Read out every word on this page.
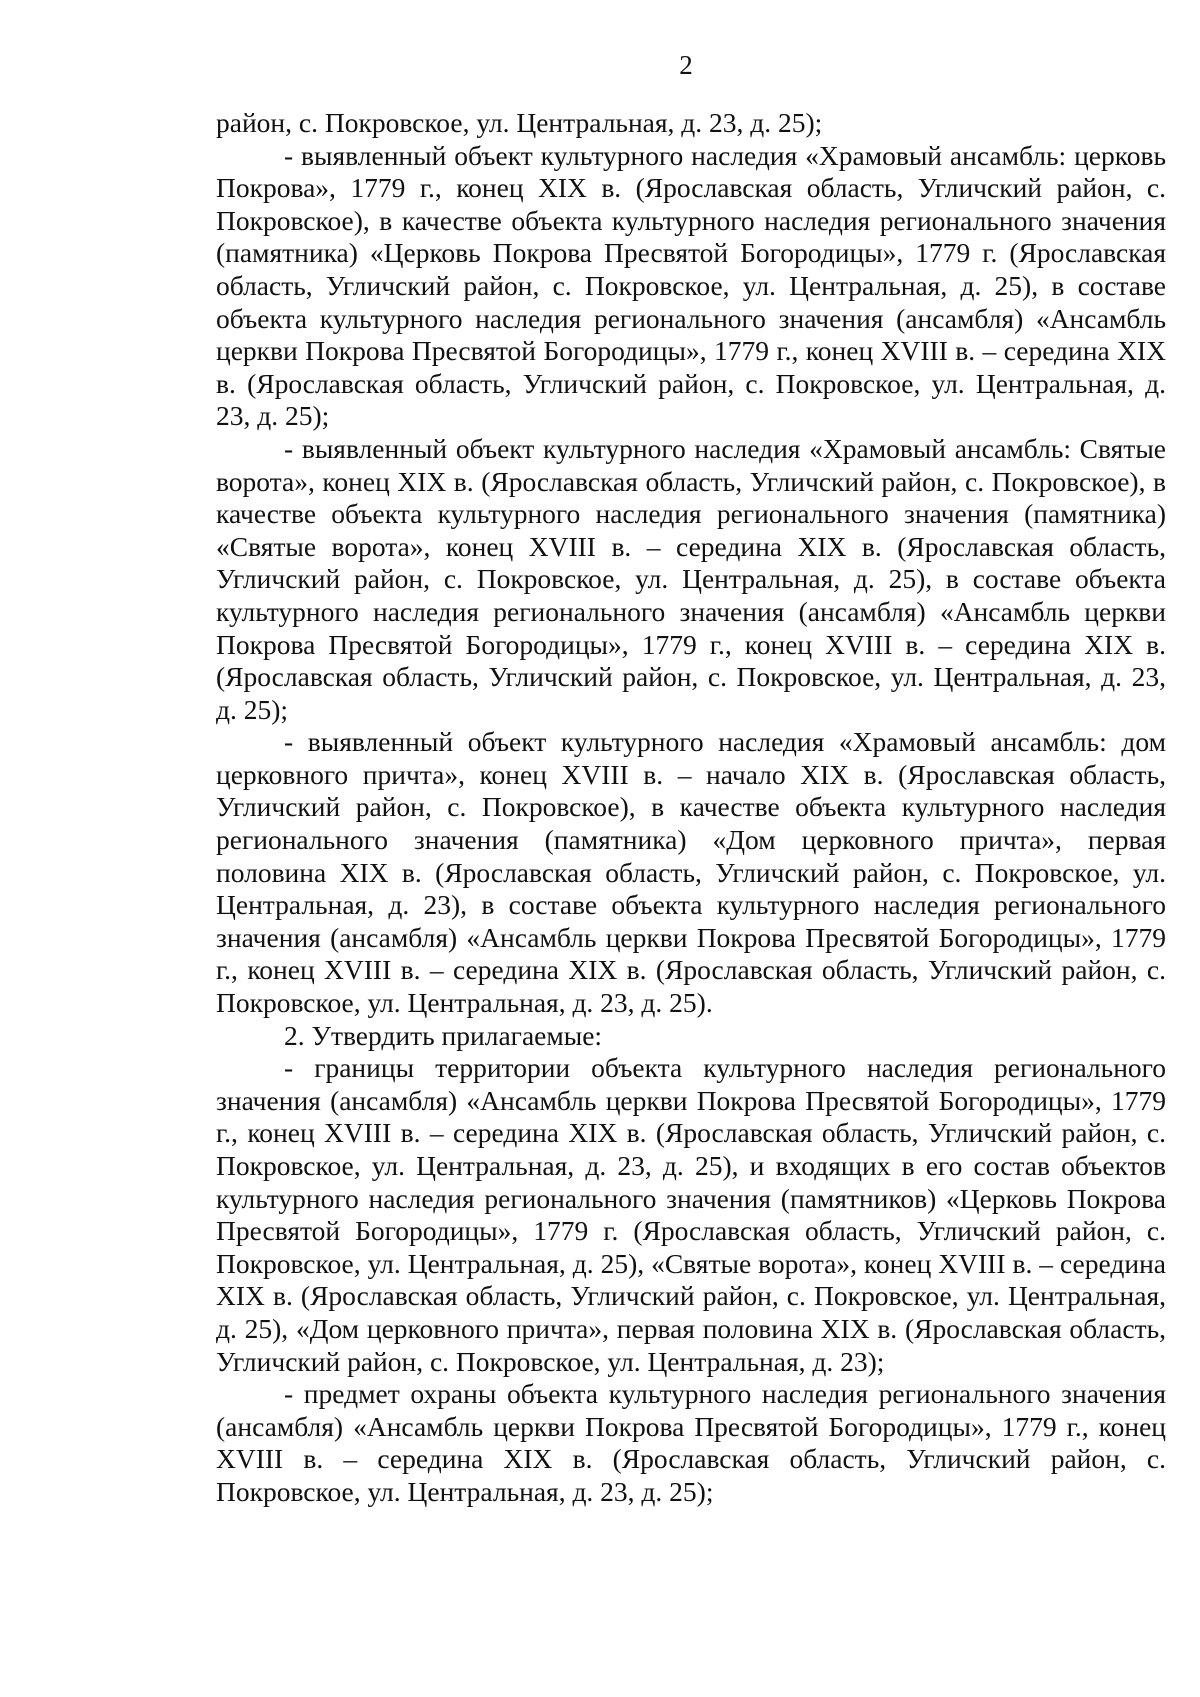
2

район, с. Покровское, ул. Центральная, д. 23, д. 25);

- выявленный объект культурного наследия «Храмовый ансамбль: церковь Покрова», 1779 г., конец XIX в. (Ярославская область, Угличский район, с. Покровское), в качестве объекта культурного наследия регионального значения (памятника) «Церковь Покрова Пресвятой Богородицы», 1779 г. (Ярославская область, Угличский район, с. Покровское, ул. Центральная, д. 25), в составе объекта культурного наследия регионального значения (ансамбля) «Ансамбль церкви Покрова Пресвятой Богородицы», 1779 г., конец XVIII в. – середина XIX в. (Ярославская область, Угличский район, с. Покровское, ул. Центральная, д. 23, д. 25);

- выявленный объект культурного наследия «Храмовый ансамбль: Святые ворота», конец XIX в. (Ярославская область, Угличский район, с. Покровское), в качестве объекта культурного наследия регионального значения (памятника) «Святые ворота», конец XVIII в. – середина XIX в. (Ярославская область, Угличский район, с. Покровское, ул. Центральная, д. 25), в составе объекта культурного наследия регионального значения (ансамбля) «Ансамбль церкви Покрова Пресвятой Богородицы», 1779 г., конец XVIII в. – середина XIX в. (Ярославская область, Угличский район, с. Покровское, ул. Центральная, д. 23, д. 25);

- выявленный объект культурного наследия «Храмовый ансамбль: дом церковного причта», конец XVIII в. – начало XIX в. (Ярославская область, Угличский район, с. Покровское), в качестве объекта культурного наследия регионального значения (памятника) «Дом церковного причта», первая половина XIX в. (Ярославская область, Угличский район, с. Покровское, ул. Центральная, д. 23), в составе объекта культурного наследия регионального значения (ансамбля) «Ансамбль церкви Покрова Пресвятой Богородицы», 1779 г., конец XVIII в. – середина XIX в. (Ярославская область, Угличский район, с. Покровское, ул. Центральная, д. 23, д. 25).

2. Утвердить прилагаемые:

- границы территории объекта культурного наследия регионального значения (ансамбля) «Ансамбль церкви Покрова Пресвятой Богородицы», 1779 г., конец XVIII в. – середина XIX в. (Ярославская область, Угличский район, с. Покровское, ул. Центральная, д. 23, д. 25), и входящих в его состав объектов культурного наследия регионального значения (памятников) «Церковь Покрова Пресвятой Богородицы», 1779 г. (Ярославская область, Угличский район, с. Покровское, ул. Центральная, д. 25), «Святые ворота», конец XVIII в. – середина XIX в. (Ярославская область, Угличский район, с. Покровское, ул. Центральная, д. 25), «Дом церковного причта», первая половина XIX в. (Ярославская область, Угличский район, с. Покровское, ул. Центральная, д. 23);

- предмет охраны объекта культурного наследия регионального значения (ансамбля) «Ансамбль церкви Покрова Пресвятой Богородицы», 1779 г., конец XVIII в. – середина XIX в. (Ярославская область, Угличский район, с. Покровское, ул. Центральная, д. 23, д. 25);
